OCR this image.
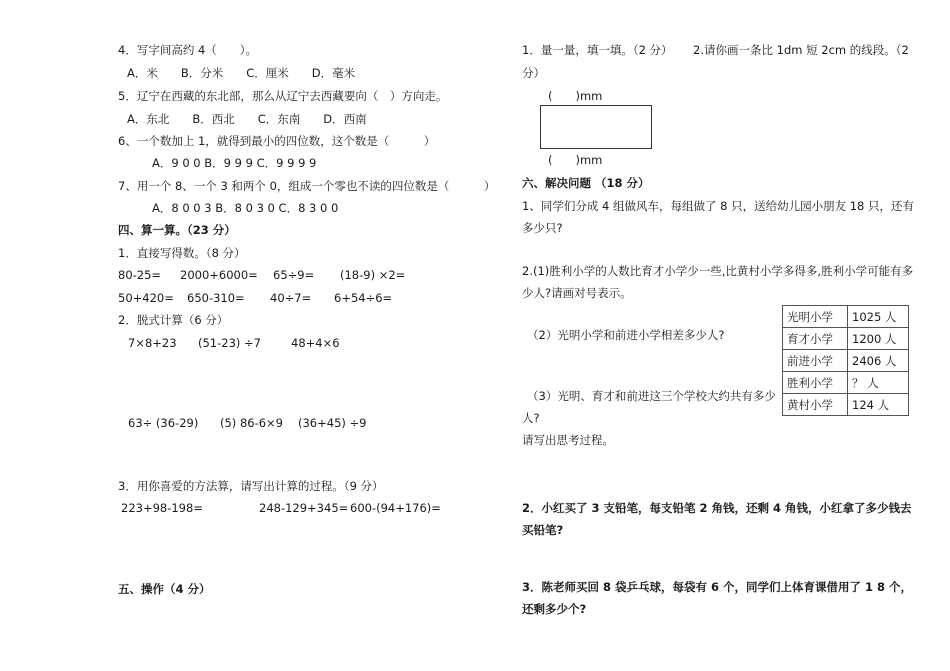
4．写字间高约 4（　　）。
A．米　　B．分米　　C．厘米　　D．毫米
5．辽宁在西藏的东北部，那么从辽宁去西藏要向（　）方向走。
A．东北　　B．西北　　C．东南　　D．西南
6、一个数加上 1，就得到最小的四位数，这个数是（　　　）
A．9 0 0 B．9 9 9 C．9 9 9 9
7、用一个 8、一个 3 和两个 0，组成一个零也不读的四位数是（　　　）
A．8 0 0 3 B．8 0 3 0 C．8 3 0 0
四、算一算。（23 分）
1．直接写得数。（8 分）
80-25= 2000+6000= 65÷9= (18-9) ×2=
50+420= 650-310= 40÷7= 6+54÷6=
2．脱式计算（6 分）
7×8+23 (51-23) ÷7	48+4×6
63÷ (36-29) (5) 86-6×9 (36+45) ÷9
3．用你喜爱的方法算，请写出计算的过程。（9 分）
223+98-198=	248-129+345= 600-(94+176)=
五、操作（4 分）
1．量一量，填一填。（2 分） 2.请你画一条比 1dm 短 2cm 的线段。（2
分）
(　　)mm
(　　)mm
六、解决问题 （18 分）
1、同学们分成 4 组做风车，每组做了 8 只，送给幼儿园小朋友 18 只，还有
多少只?
2.(1)胜利小学的人数比育才小学少一些,比黄村小学多得多,胜利小学可能有多
少人?请画对号表示。
（2）光明小学和前进小学相差多少人?
（3）光明、育才和前进这三个学校大约共有多少
人?
请写出思考过程。
光明小学	1025 人
育才小学	1200 人
前进小学	2406 人
胜利小学	？ 人
黄村小学	124 人
2．小红买了 3 支铅笔，每支铅笔 2 角钱，还剩 4 角钱，小红拿了多少钱去
买铅笔?
3．陈老师买回 8 袋乒乓球，每袋有 6 个，同学们上体育课借用了 1 8 个，
还剩多少个?
